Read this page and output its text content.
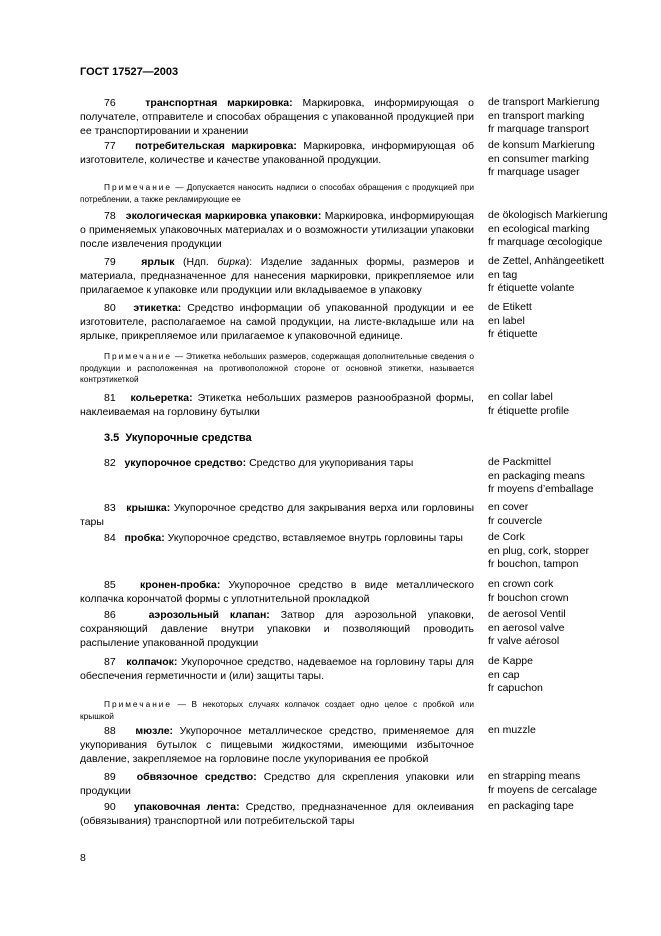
ГОСТ 17527—2003

76	транспортная маркировка: Маркировка, информирующая о получателе, отправителе и способах обращения с упакованной продукцией при ее транспортировании и хранении

de transport Markierung
en transport marking
fr marquage transport

77 потребительская маркировка: Маркировка, информирующая об изготовителе, количестве и качестве упакованной продукции.

de konsum Markierung
en consumer marking
fr marquage usager

Примечание — Допускается наносить надписи о способах обращения с продукцией при потреблении, а также рекламирующие ее

78 экологическая маркировка упаковки: Маркировка, информирующая о применяемых упаковочных материалах и о возможности утилизации упаковки после извлечения продукции

de ökologisch Markierung
en ecological marking
fr marquage œcologique

79 ярлык (Ндп. бирка): Изделие заданных формы, размеров и материала, предназначенное для нанесения маркировки, прикрепляемое или прилагаемое к упаковке или продукции или вкладываемое в упаковку

de Zettel, Anhängeetikett
en tag
fr étiquette volante

80 этикетка: Средство информации об упакованной продукции и ее изготовителе, располагаемое на самой продукции, на листе-вкладыше или на ярлыке, прикрепляемое или прилагаемое к упаковочной единице.

de Etikett
en label
fr étiquette

Примечание — Этикетка небольших размеров, содержащая дополнительные сведения о продукции и расположенная на противоположной стороне от основной этикетки, называется контрэтикеткой

81 кольеретка: Этикетка небольших размеров разнообразной формы, наклеиваемая на горловину бутылки

en collar label
fr étiquette profile
3.5 Укупорочные средства

82 укупорочное средство: Средство для укупоривания тары	de Packmittel
en packaging means
fr moyens d’emballage

83 крышка: Укупорочное средство для закрывания верха или горловины тары

en cover
fr couvercle

84 пробка: Укупорочное средство, вставляемое внутрь горловины тары	de Cork
en plug, cork, stopper
fr bouchon, tampon

85 кронен-пробка: Укупорочное средство в виде металлического колпачка корончатой формы с уплотнительной прокладкой

en crown cork
fr bouchon crown

86	аэрозольный клапан: Затвор для аэрозольной упаковки, сохраняющий давление внутри упаковки и позволяющий проводить распыление упакованной продукции

de aerosol Ventil
en aerosol valve
fr valve aérosol

87 колпачок: Укупорочное средство, надеваемое на горловину тары для обеспечения герметичности и (или) защиты тары.

de Kappe
en cap
fr capuchon

Примечание — В некоторых случаях колпачок создает одно целое с пробкой или крышкой

88 мюзле: Укупорочное металлическое средство, применяемое для укупоривания бутылок с пищевыми жидкостями, имеющими избыточное давление, закрепляемое на горловине после укупоривания ее пробкой

en muzzle

89 обвязочное средство: Средство для скрепления упаковки или продукции

en strapping means
fr moyens de cercalage

90 упаковочная лента: Средство, предназначенное для оклеивания (обвязывания) транспортной или потребительской тары

en packaging tape
8
